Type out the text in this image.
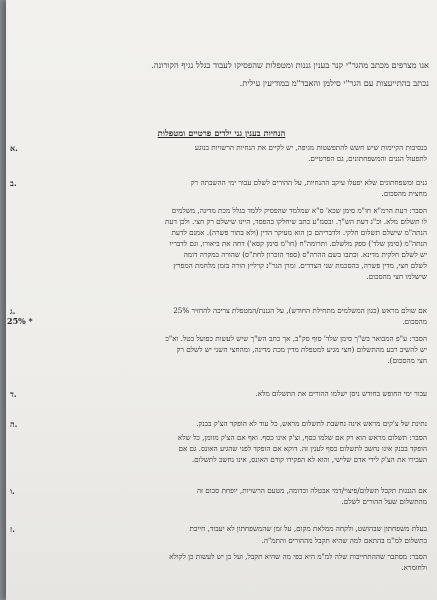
אנו מצרפים מכתב מהגר"י קנר בענין גננות ומטפלות שהפסיקו לעבוד בגלל נגיף הקורונה.
נכתב בהתייעצות עם הגר"י סילמן והאבד"מ במודיעין עילית.
הנחיות בענין גני ילדים פרטיים ומטפלות
א.	בנסיבות הקיימות שיש חשש להתפשטות מגיפה, יש לקיים את הנחיות הרשויות בנוגע
לתפעול הגנים והמשפחתונים, גם הפרטיים.
ב.	גנים ומשפחתונים שלא יפעלו עיקב ההנחיות, על ההורים לשלם עבור ימי ההשבתה רק
מחצית מהסכום.
הסבר: דעת הרמ"א חו"מ סימן שכא' ס"א שמלמד שהפסיק ללמד בגלל מכת מדינה, משלמים
לו תשלום מלא. וכ"ג דעת הש"ך. ובסמ"ע כתב שיחלקו בהפסד, היינו שישלם רק חצי. ולכן דעת
הנתה"מ שישלם תשלום חלקי. ולדבריהם כן הוא מעיקר הדין (ולא בתור פשרה). אמנם לדעת
הנתה"מ (סימן שלד') ספק מלשלם. ותרומה"ח (חו"מ סימן קסא') דחה את ביאורו, וגם לדבריו
יש לשלם חלקית מדינא. וכתבו בשם ההרה"ס (ספר הזכרון לחת"ס) שהורה במקרה דומה
לשלם חצי, מדין פשרה, בהסכמת שני הצדדים. ומרן הגר"נ קרליץ הורה בזמן מלחמת המפרץ
שישלמו חצי מהסכום.
25% *
ג.	אם שולם מראש (כגון המשלמים מתחילת החודש), על הגננת/המטפלת צריכה להחזיר 25%
מהסכום.
הסבר: ע"פ המבואר בש"ך סימן שלד' סוף סק"ב, אך כתב הש"ך שיש לעשות כפועל בטל. וא"כ
יש להשיב רבע מהתשלום (חצי מגיע למטפלת מדין מכת מדינה, ומהחצי השני יש לשלם רק
חצי מהסכום).
ד.	עבור ימי החופש בחודש ניסן ישלמו ההורים את התשלום מלא.
ה.	נתינת של צ'קים מראש אינה נחשבת לתשלום מראש, כל עוד לא הופקד הצ'ק בבנק.
הסבר: תשלום מראש הוא רק אם שלמו כסף, וצ'ק אינו כסף. ואף אם הצ'ק מזומן, כל שלא
הופקד בבנק אינו נחשב לתשלום כסף לענין זה. דוקא אם הופקד לפני שהגיע האונס. גם אם
העבירו את הצ'ק לידי אדם שלישי, והוא לא הפקידו קודם האונס, אינו נחשב לתשלום.
ו.	אם הגננות תקבל תשלום/פיצוי/דמי אבטלה וכדומה, מטעם הרשויות, יופחת סכום זה
מהתשלום שעל ההורים לשלם.
ז.	בעלת משפחתון שבהושט, ולקחה ממלאת מקום, על זמן שהמשפחתון לא יעבוד, חייבת
בתשלום למ"מ בהתאם למה שהיא תקבל מההורים והתמ"ה.
הסבר: מסתבר שההתחייבות שלה למ"מ היא כפי מה שהיא תקבל, ועל כן יש לעשות כן לקולא
ולחומרא.
